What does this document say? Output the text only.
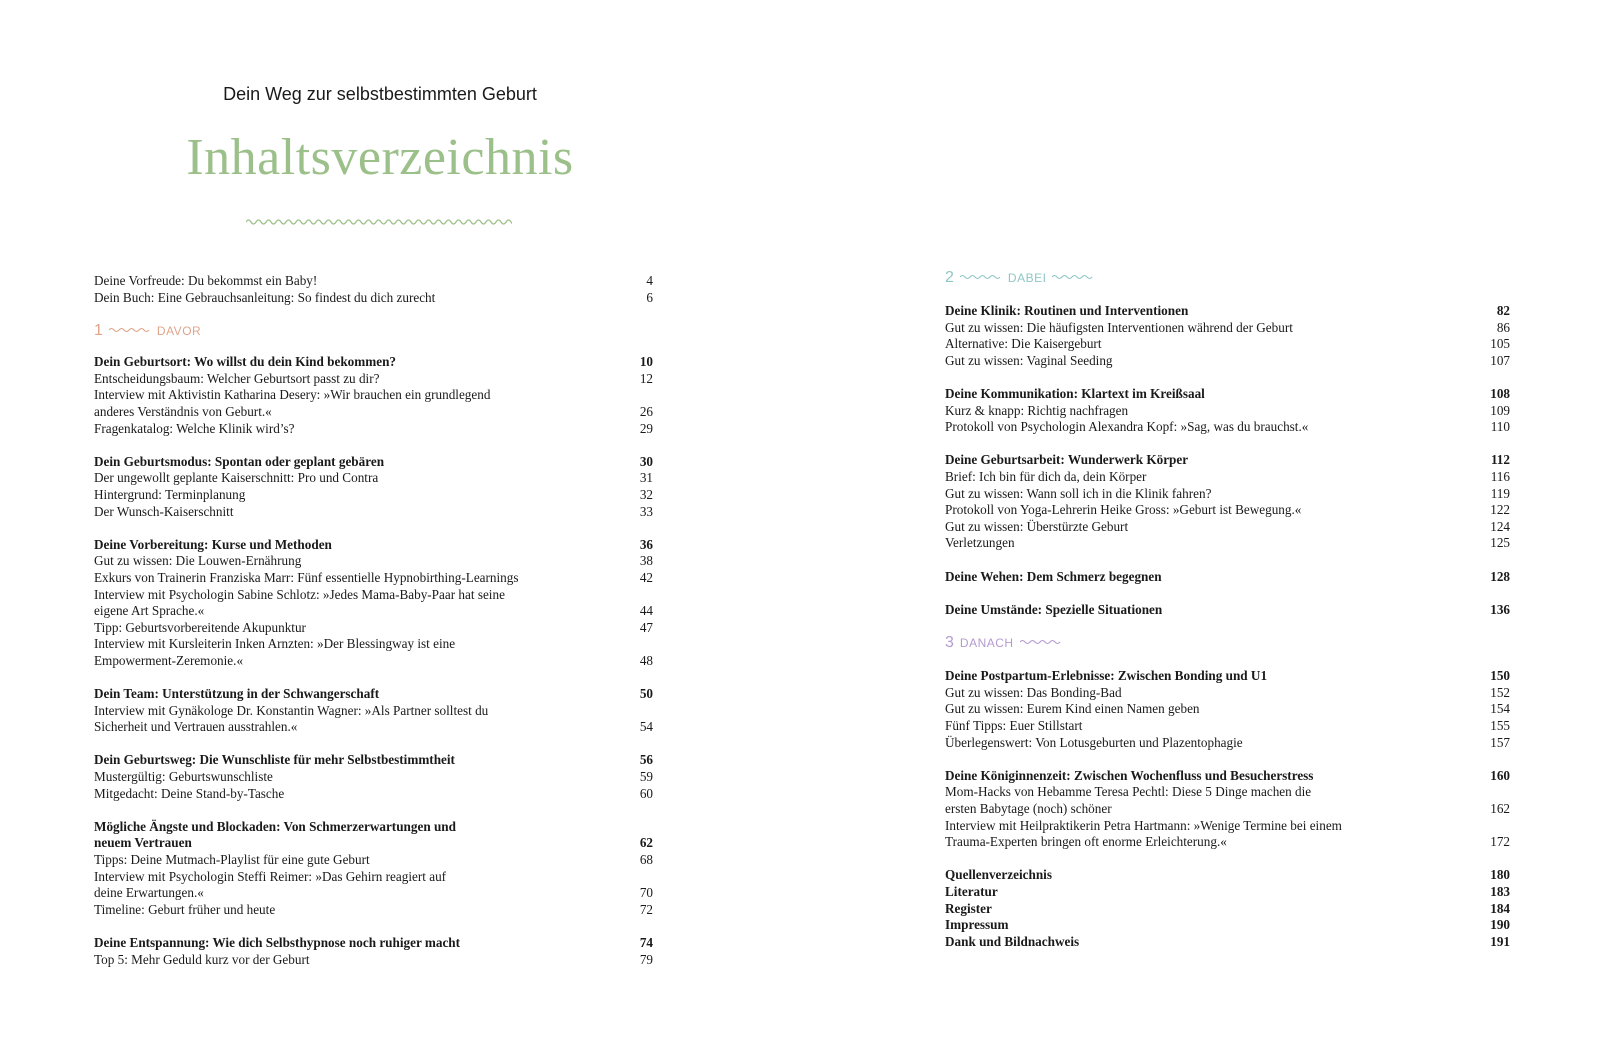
Dein Weg zur selbstbestimmten Geburt
Inhaltsverzeichnis
Deine Vorfreude: Du bekommst ein Baby!	4
Dein Buch: Eine Gebrauchsanleitung: So findest du dich zurecht	6
1	DAVOR
Dein Geburtsort: Wo willst du dein Kind bekommen?	10
Entscheidungsbaum: Welcher Geburtsort passt zu dir?	12
Interview mit Aktivistin Katharina Desery: »Wir brauchen ein grundlegend
anderes Verständnis von Geburt.«	26
Fragenkatalog: Welche Klinik wird’s?	29
Dein Geburtsmodus: Spontan oder geplant gebären	30
Der ungewollt geplante Kaiserschnitt: Pro und Contra	31
Hintergrund: Terminplanung	32
Der Wunsch-Kaiserschnitt	33
Deine Vorbereitung: Kurse und Methoden	36
Gut zu wissen: Die Louwen-Ernährung	38
Exkurs von Trainerin Franziska Marr: Fünf essentielle Hypnobirthing-Learnings	42
Interview mit Psychologin Sabine Schlotz: »Jedes Mama-Baby-Paar hat seine
eigene Art Sprache.«	44
Tipp: Geburtsvorbereitende Akupunktur	47
Interview mit Kursleiterin Inken Arnzten: »Der Blessingway ist eine
Empowerment-Zeremonie.«	48
Dein Team: Unterstützung in der Schwangerschaft	50
Interview mit Gynäkologe Dr. Konstantin Wagner: »Als Partner solltest du
Sicherheit und Vertrauen ausstrahlen.«	54
Dein Geburtsweg: Die Wunschliste für mehr Selbstbestimmtheit	56
Mustergültig: Geburtswunschliste	59
Mitgedacht: Deine Stand-by-Tasche	60
Mögliche Ängste und Blockaden: Von Schmerzerwartungen und
neuem Vertrauen	62
Tipps: Deine Mutmach-Playlist für eine gute Geburt	68
Interview mit Psychologin Steffi Reimer: »Das Gehirn reagiert auf
deine Erwartungen.«	70
Timeline: Geburt früher und heute	72
Deine Entspannung: Wie dich Selbsthypnose noch ruhiger macht	74
Top 5: Mehr Geduld kurz vor der Geburt	79
2	DABEI
Deine Klinik: Routinen und Interventionen	82
Gut zu wissen: Die häufigsten Interventionen während der Geburt	86
Alternative: Die Kaisergeburt	105
Gut zu wissen: Vaginal Seeding	107
Deine Kommunikation: Klartext im Kreißsaal	108
Kurz & knapp: Richtig nachfragen	109
Protokoll von Psychologin Alexandra Kopf: »Sag, was du brauchst.«	110
Deine Geburtsarbeit: Wunderwerk Körper	112
Brief: Ich bin für dich da, dein Körper	116
Gut zu wissen: Wann soll ich in die Klinik fahren?	119
Protokoll von Yoga-Lehrerin Heike Gross: »Geburt ist Bewegung.«	122
Gut zu wissen: Überstürzte Geburt	124
Verletzungen	125
Deine Wehen: Dem Schmerz begegnen	128
Deine Umstände: Spezielle Situationen	136
3 DANACH
Deine Postpartum-Erlebnisse: Zwischen Bonding und U1	150
Gut zu wissen: Das Bonding-Bad	152
Gut zu wissen: Eurem Kind einen Namen geben	154
Fünf Tipps: Euer Stillstart	155
Überlegenswert: Von Lotusgeburten und Plazentophagie	157
Deine Königinnenzeit: Zwischen Wochenfluss und Besucherstress	160
Mom-Hacks von Hebamme Teresa Pechtl: Diese 5 Dinge machen die
ersten Babytage (noch) schöner	162
Interview mit Heilpraktikerin Petra Hartmann: »Wenige Termine bei einem
Trauma-Experten bringen oft enorme Erleichterung.«	172
Quellenverzeichnis	180
Literatur	183
Register	184
Impressum	190
Dank und Bildnachweis	191
